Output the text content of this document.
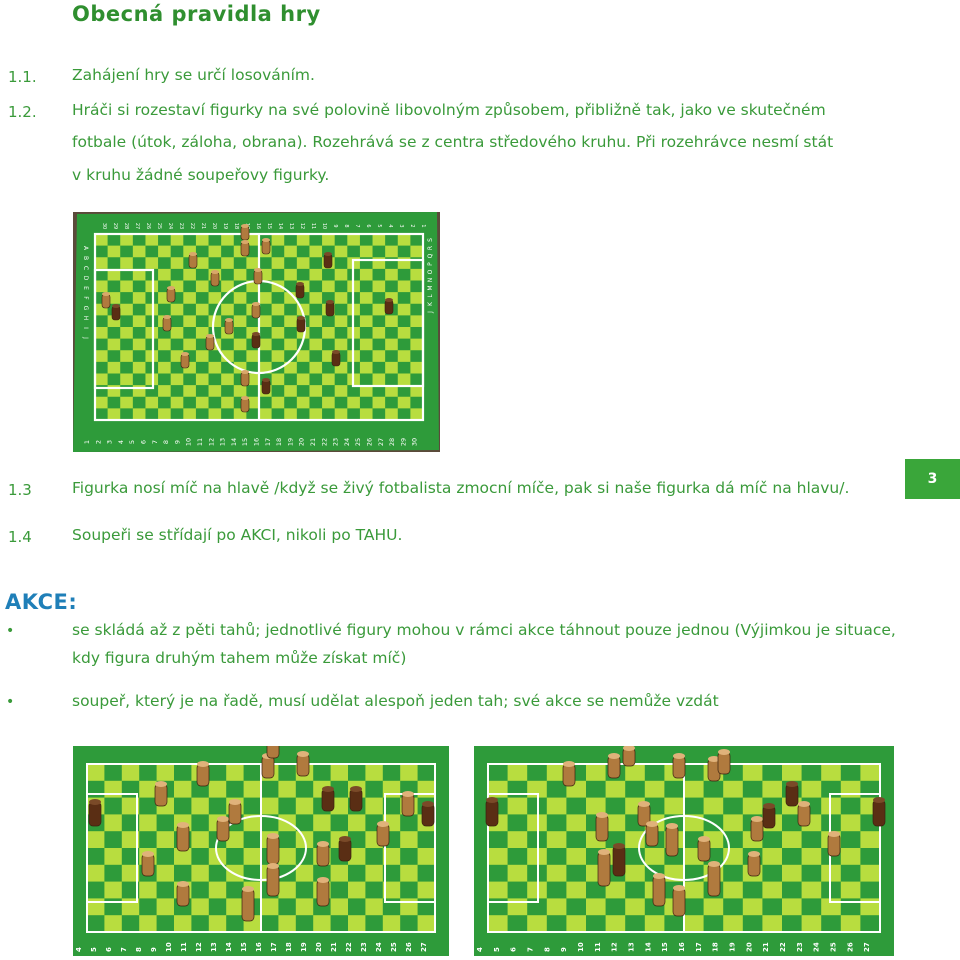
Obecná pravidla hry
1.1. Zahájení hry se určí losováním.
1.2. Hráči si rozestaví figurky na své polovině libovolným způsobem, přibližně tak, jako ve skutečném
fotbale (útok, záloha, obrana). Rozehrává se z centra středového kruhu. Při rozehrávce nesmí stát
v kruhu žádné soupeřovy figurky.
1 2 3 4 5 6 7 8 9 10 11 12 13 14 15 16 17 18 19 20 21 22 23 24 25 26 27 28 29 30
30 29 28 27 26 25 24 23 22 21 20 19 18	16 15 14 13 12 11 10 9 8 7 6 5 4 3 2 1
A
B
C
D
E
F
G
H
I
J
J
K
L
M
N
O
P
Q
R
S
1.3	Figurka nosí míč na hlavě /když se živý fotbalista zmocní míče, pak si naše figurka dá míč na hlavu/.	3
1.4	Soupeři se střídají po AKCI, nikoli po TAHU.
AKCE:
•	se skládá až z pěti tahů; jednotlivé figury mohou v rámci akce táhnout pouze jednou (Výjimkou je situace,
kdy figura druhým tahem může získat míč)
•	soupeř, který je na řadě, musí udělat alespoň jeden tah; své akce se nemůže vzdát
4 5 6 7 8 9 10 11 12 13 14 15 16 17 18 19 20 21 22 23 24 25 26 27	4 5 6 7 8 9 10 11 12 13 14 15 16 17 18 19 20 21 22 23 24 25 26 27
